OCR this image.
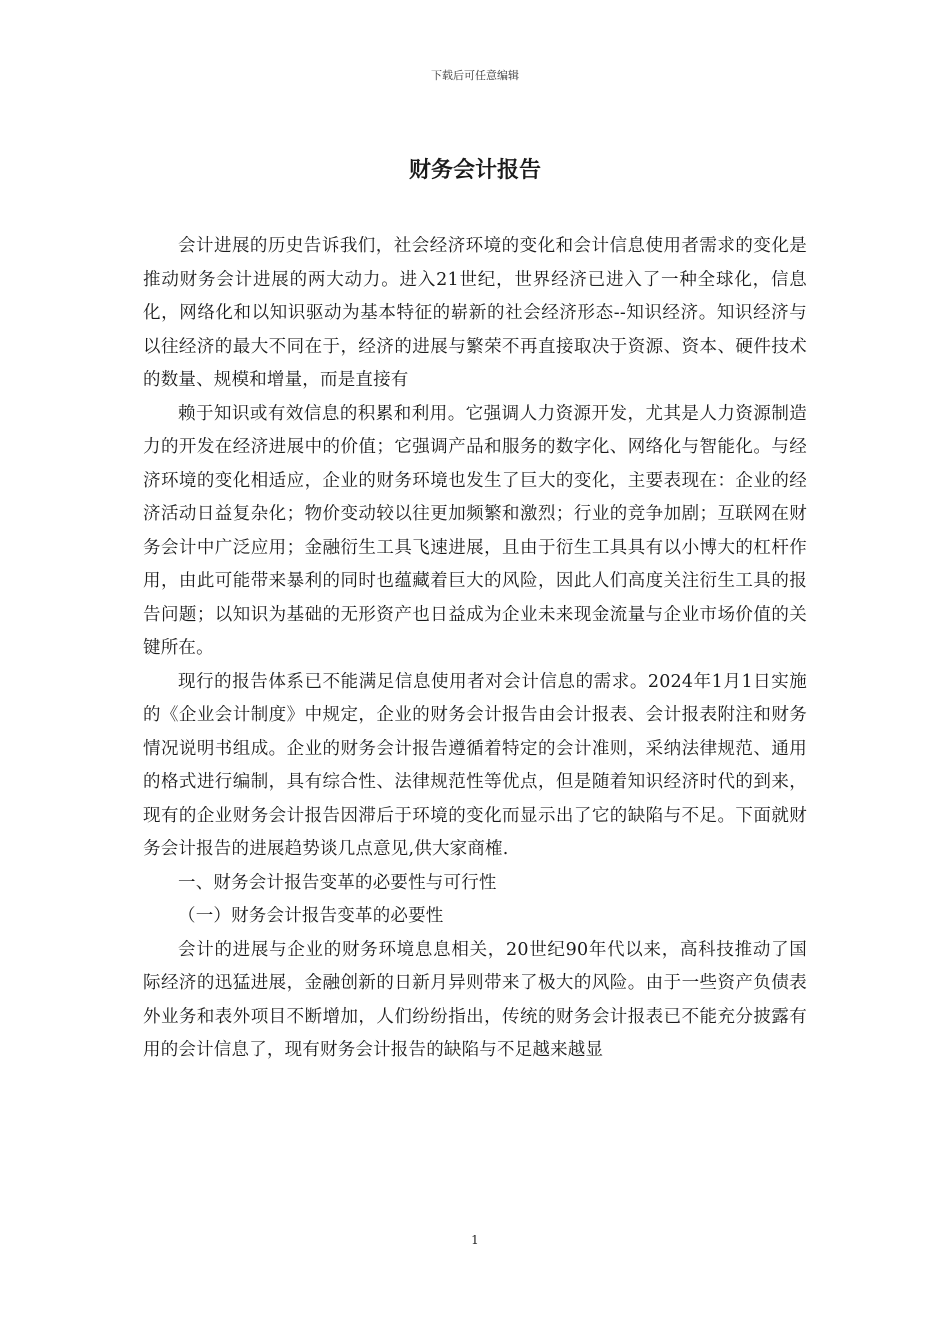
下载后可任意编辑
财务会计报告

会计进展的历史告诉我们，社会经济环境的变化和会计信息使用者需求的变化是推动财务会计进展的两大动力。进入21世纪，世界经济已进入了一种全球化，信息化，网络化和以知识驱动为基本特征的崭新的社会经济形态--知识经济。知识经济与以往经济的最大不同在于，经济的进展与繁荣不再直接取决于资源、资本、硬件技术的数量、规模和增量，而是直接有

赖于知识或有效信息的积累和利用。它强调人力资源开发，尤其是人力资源制造力的开发在经济进展中的价值；它强调产品和服务的数字化、网络化与智能化。与经济环境的变化相适应，企业的财务环境也发生了巨大的变化，主要表现在：企业的经济活动日益复杂化；物价变动较以往更加频繁和激烈；行业的竞争加剧；互联网在财务会计中广泛应用；金融衍生工具飞速进展，且由于衍生工具具有以小博大的杠杆作用，由此可能带来暴利的同时也蕴藏着巨大的风险，因此人们高度关注衍生工具的报告问题；以知识为基础的无形资产也日益成为企业未来现金流量与企业市场价值的关键所在。

现行的报告体系已不能满足信息使用者对会计信息的需求。2024年1月1日实施的《企业会计制度》中规定，企业的财务会计报告由会计报表、会计报表附注和财务情况说明书组成。企业的财务会计报告遵循着特定的会计准则，采纳法律规范、通用的格式进行编制，具有综合性、法律规范性等优点，但是随着知识经济时代的到来，现有的企业财务会计报告因滞后于环境的变化而显示出了它的缺陷与不足。下面就财务会计报告的进展趋势谈几点意见,供大家商榷.

一、财务会计报告变革的必要性与可行性

（一）财务会计报告变革的必要性

会计的进展与企业的财务环境息息相关，20世纪90年代以来，高科技推动了国际经济的迅猛进展，金融创新的日新月异则带来了极大的风险。由于一些资产负债表外业务和表外项目不断增加，人们纷纷指出，传统的财务会计报表已不能充分披露有用的会计信息了，现有财务会计报告的缺陷与不足越来越显

1
